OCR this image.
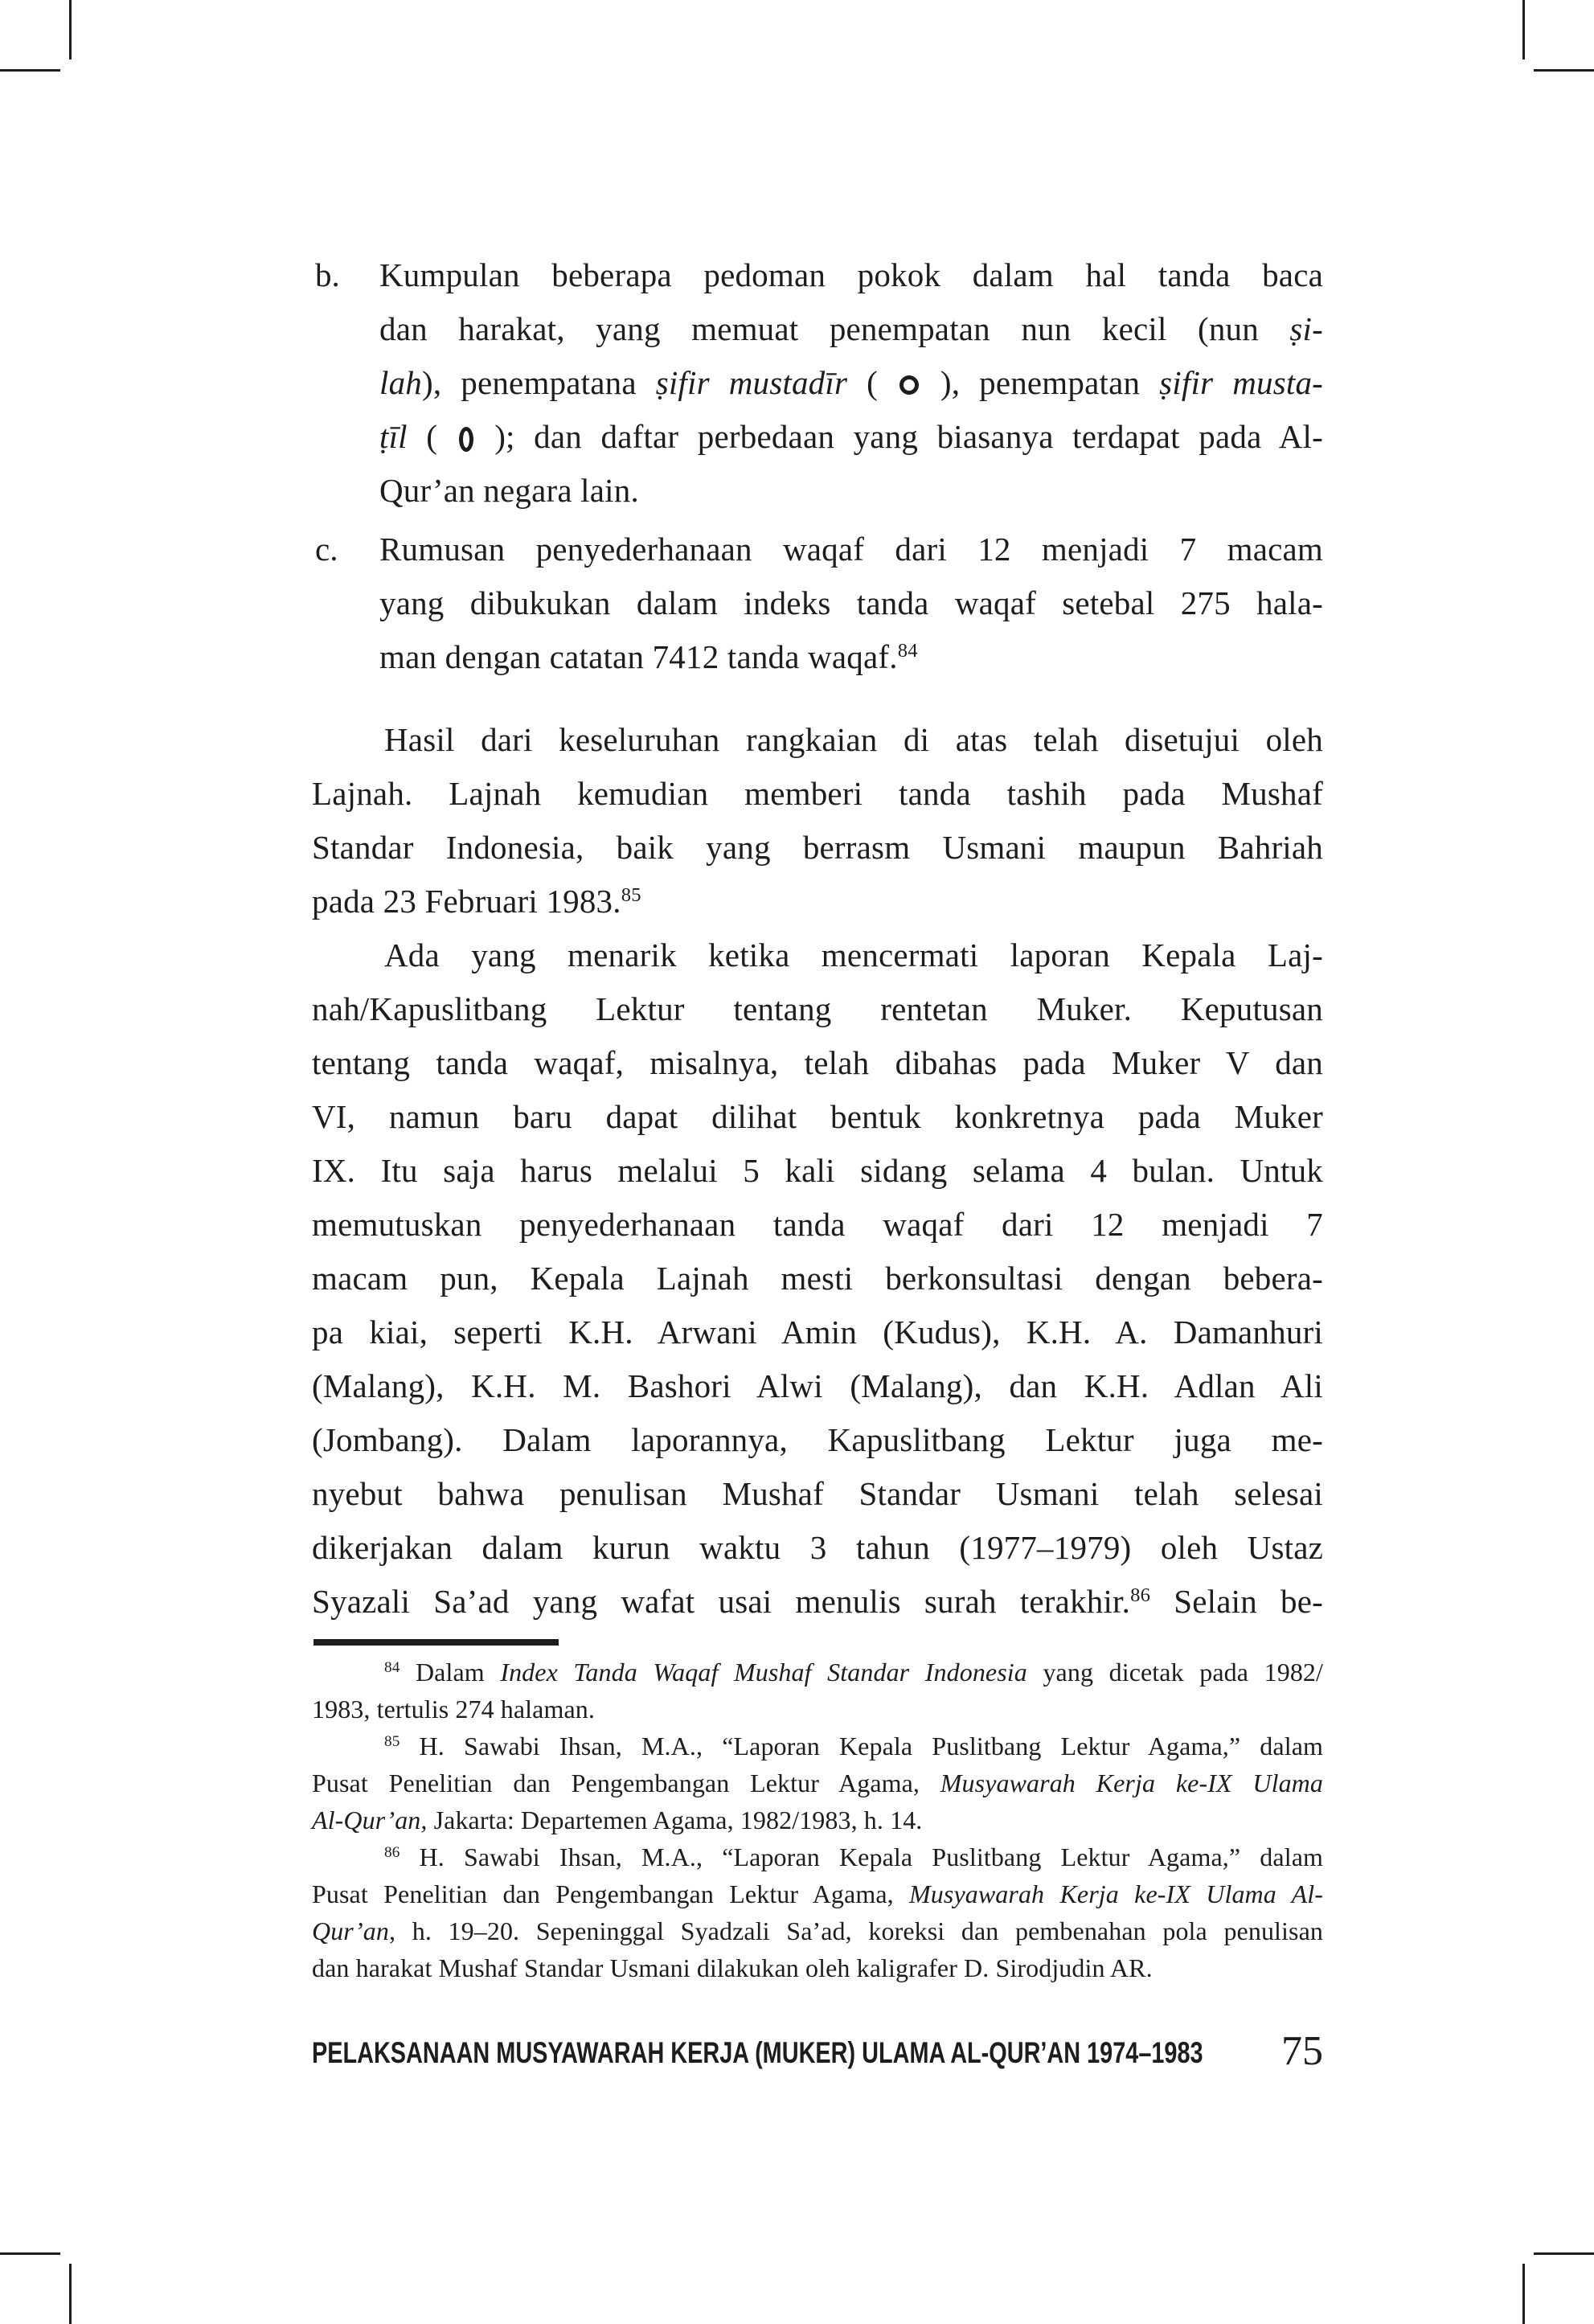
b. Kumpulan beberapa pedoman pokok dalam hal tanda baca
dan harakat, yang memuat penempatan nun kecil (nun ṣi-
lah), penempatana ṣifir mustadīr (  ), penempatan ṣifir musta-
ṭīl (  ); dan daftar perbedaan yang biasanya terdapat pada Al-
Qur’an negara lain.
c. Rumusan penyederhanaan waqaf dari 12 menjadi 7 macam
yang dibukukan dalam indeks tanda waqaf setebal 275 hala-
man dengan catatan 7412 tanda waqaf.$^{84}$
Hasil dari keseluruhan rangkaian di atas telah disetujui oleh
Lajnah. Lajnah kemudian memberi tanda tashih pada Mushaf
Standar Indonesia, baik yang berrasm Usmani maupun Bahriah
pada 23 Februari 1983.85
Ada yang menarik ketika mencermati laporan Kepala Laj-
nah/Kapuslitbang Lektur tentang rentetan Muker. Keputusan
tentang tanda waqaf, misalnya, telah dibahas pada Muker V dan
VI, namun baru dapat dilihat bentuk konkretnya pada Muker
IX. Itu saja harus melalui 5 kali sidang selama 4 bulan. Untuk
memutuskan penyederhanaan tanda waqaf dari 12 menjadi 7
macam pun, Kepala Lajnah mesti berkonsultasi dengan bebera-
pa kiai, seperti K.H. Arwani Amin (Kudus), K.H. A. Damanhuri
(Malang), K.H. M. Bashori Alwi (Malang), dan K.H. Adlan Ali
(Jombang). Dalam laporannya, Kapuslitbang Lektur juga me-
nyebut bahwa penulisan Mushaf Standar Usmani telah selesai
dikerjakan dalam kurun waktu 3 tahun (1977–1979) oleh Ustaz
Syazali Sa’ad yang wafat usai menulis surah terakhir.$^{86}$ Selain be-
$^{84}$ Dalam Index Tanda Waqaf Mushaf Standar Indonesia yang dicetak pada 1982/
1983, tertulis 274 halaman.
$^{85}$ H. Sawabi Ihsan, M.A., “Laporan Kepala Puslitbang Lektur Agama,” dalam
Pusat Penelitian dan Pengembangan Lektur Agama, Musyawarah Kerja ke-IX Ulama
Al-Qur’an, Jakarta: Departemen Agama, 1982/1983, h. 14.
$^{86}$ H. Sawabi Ihsan, M.A., “Laporan Kepala Puslitbang Lektur Agama,” dalam
Pusat Penelitian dan Pengembangan Lektur Agama, Musyawarah Kerja ke-IX Ulama Al-
Qur’an, h. 19–20. Sepeninggal Syadzali Sa’ad, koreksi dan pembenahan pola penulisan
dan harakat Mushaf Standar Usmani dilakukan oleh kaligrafer D. Sirodjudin AR.
PELAKSANAAN MUSYAWARAH KERJA (MUKER) ULAMA AL-QUR’AN 1974–1983 75
